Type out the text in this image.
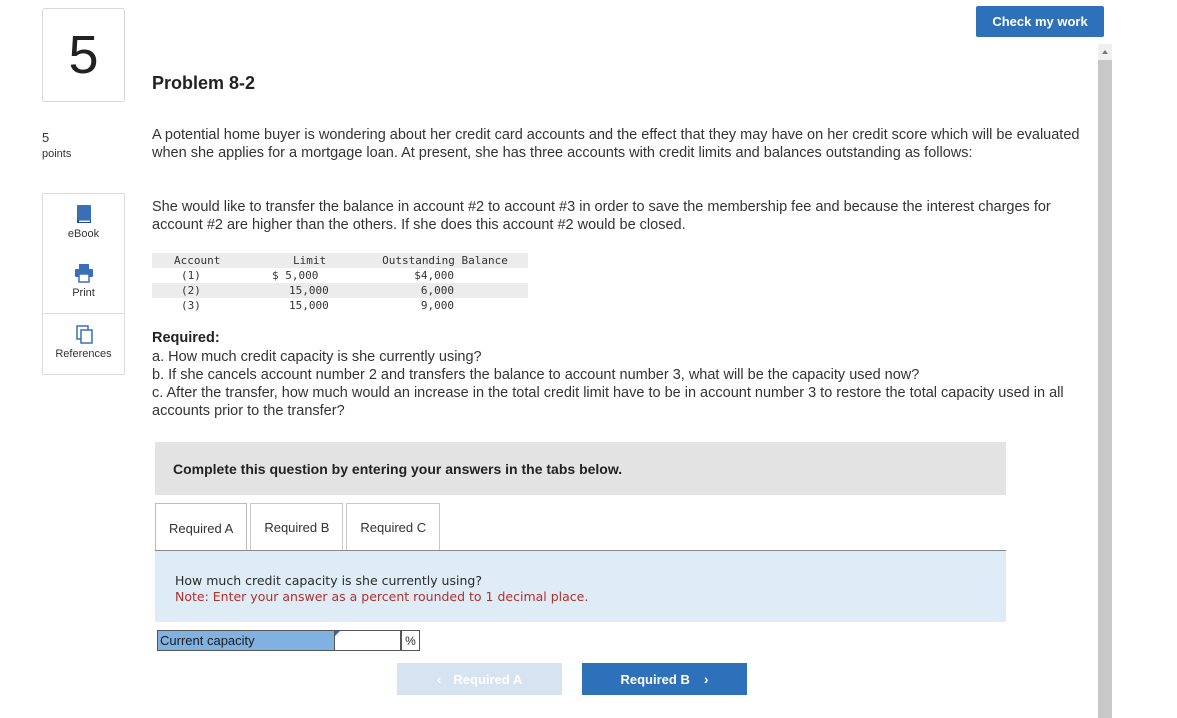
Check my work
5
5
points
eBook
Print
References
Problem 8-2
A potential home buyer is wondering about her credit card accounts and the effect that they may have on her credit score which will be evaluated when she applies for a mortgage loan. At present, she has three accounts with credit limits and balances outstanding as follows:
She would like to transfer the balance in account #2 to account #3 in order to save the membership fee and because the interest charges for account #2 are higher than the others. If she does this account #2 would be closed.
Account	Limit	Outstanding Balance
(1)	$ 5,000	$4,000
(2)	15,000	6,000
(3)	15,000	9,000
Required:
a. How much credit capacity is she currently using?
b. If she cancels account number 2 and transfers the balance to account number 3, what will be the capacity used now?
c. After the transfer, how much would an increase in the total credit limit have to be in account number 3 to restore the total capacity used in all accounts prior to the transfer?
Complete this question by entering your answers in the tabs below.
Required A	Required B	Required C
How much credit capacity is she currently using?
Note: Enter your answer as a percent rounded to 1 decimal place.
Current capacity	%
‹ Required A	Required B ›
